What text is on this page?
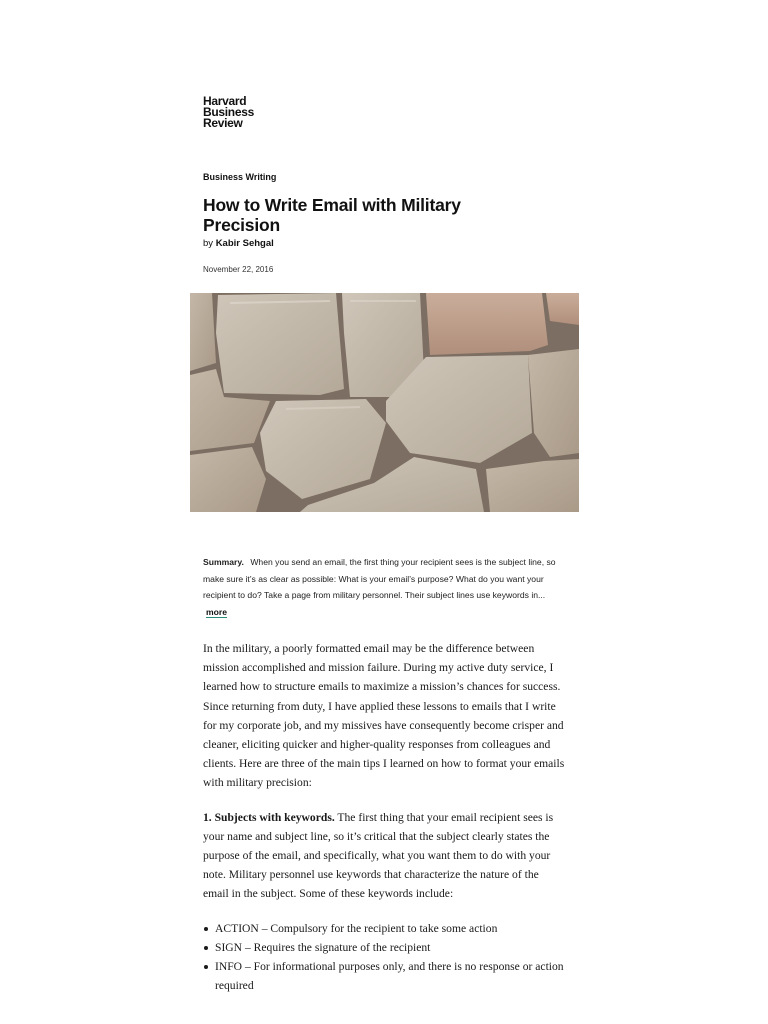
Harvard
Business
Review
Business Writing
How to Write Email with Military Precision
by Kabir Sehgal
November 22, 2016
Summary. When you send an email, the first thing your recipient sees is the subject line, so make sure it’s as clear as possible: What is your email’s purpose? What do you want your recipient to do? Take a page from military personnel. Their subject lines use keywords in... more

In the military, a poorly formatted email may be the difference between mission accomplished and mission failure. During my active duty service, I learned how to structure emails to maximize a mission’s chances for success. Since returning from duty, I have applied these lessons to emails that I write for my corporate job, and my missives have consequently become crisper and cleaner, eliciting quicker and higher-quality responses from colleagues and clients. Here are three of the main tips I learned on how to format your emails with military precision:

1. Subjects with keywords. The first thing that your email recipient sees is your name and subject line, so it’s critical that the subject clearly states the purpose of the email, and specifically, what you want them to do with your note. Military personnel use keywords that characterize the nature of the email in the subject. Some of these keywords include:

ACTION – Compulsory for the recipient to take some action
SIGN – Requires the signature of the recipient
INFO – For informational purposes only, and there is no response or action required
